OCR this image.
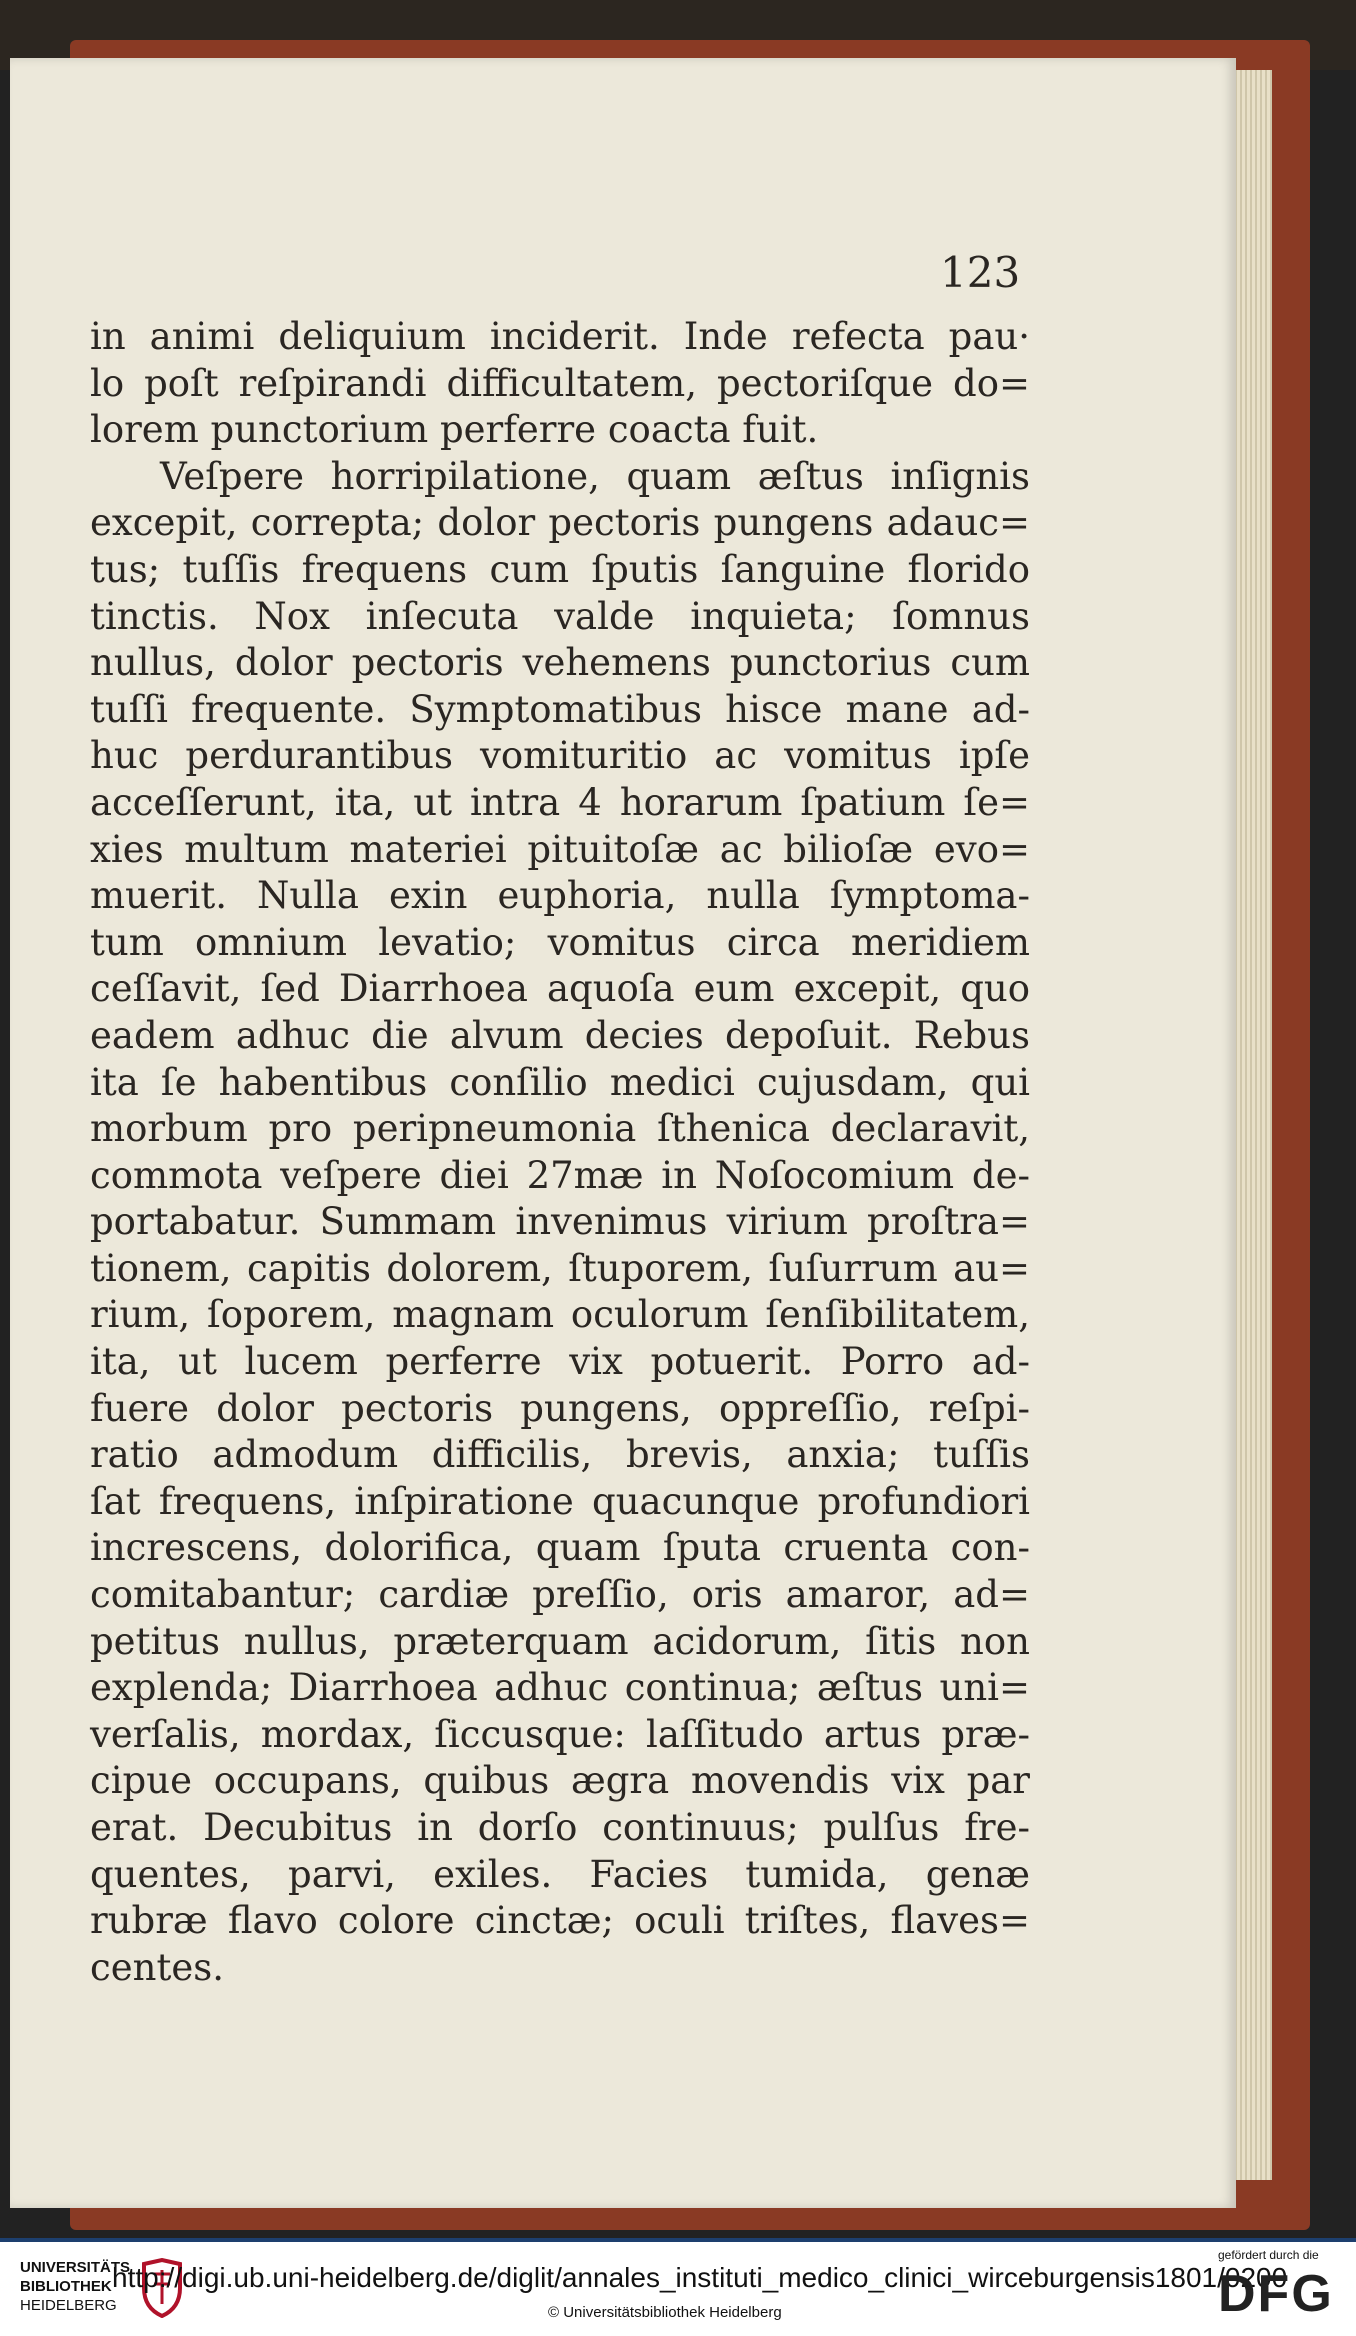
123
in animi deliquium inciderit. Inde refecta pau·
lo poſt reſpirandi difficultatem, pectoriſque do=
lorem punctorium perferre coacta fuit.
Veſpere horripilatione, quam æſtus inſignis
excepit, correpta; dolor pectoris pungens adauc=
tus; tuſſis frequens cum ſputis ſanguine florido
tinctis. Nox inſecuta valde inquieta; ſomnus
nullus, dolor pectoris vehemens punctorius cum
tuſſi frequente. Symptomatibus hisce mane ad-
huc perdurantibus vomituritio ac vomitus ipſe
acceſſerunt, ita, ut intra 4 horarum ſpatium ſe=
xies multum materiei pituitoſæ ac bilioſæ evo=
muerit. Nulla exin euphoria, nulla ſymptoma-
tum omnium levatio; vomitus circa meridiem
ceſſavit, ſed Diarrhoea aquoſa eum excepit, quo
eadem adhuc die alvum decies depoſuit. Rebus
ita ſe habentibus conſilio medici cujusdam, qui
morbum pro peripneumonia ſthenica declaravit,
commota veſpere diei 27mæ in Noſocomium de-
portabatur. Summam invenimus virium proſtra=
tionem, capitis dolorem, ſtuporem, ſuſurrum au=
rium, ſoporem, magnam oculorum ſenſibilitatem,
ita, ut lucem perferre vix potuerit. Porro ad-
fuere dolor pectoris pungens, oppreſſio, reſpi-
ratio admodum difficilis, brevis, anxia; tuſſis
ſat frequens, inſpiratione quacunque profundiori
increscens, dolorifica, quam ſputa cruenta con-
comitabantur; cardiæ preſſio, oris amaror, ad=
petitus nullus, præterquam acidorum, ſitis non
explenda; Diarrhoea adhuc continua; æſtus uni=
verſalis, mordax, ſiccusque: laſſitudo artus præ-
cipue occupans, quibus ægra movendis vix par
erat. Decubitus in dorſo continuus; pulſus fre-
quentes, parvi, exiles. Facies tumida, genæ
rubræ flavo colore cinctæ; oculi triſtes, flaves=
centes.
UNIVERSITÄTS
BIBLIOTHEK
HEIDELBERG
http://digi.ub.uni-heidelberg.de/diglit/annales_instituti_medico_clinici_wirceburgensis1801/0200
© Universitätsbibliothek Heidelberg
gefördert durch die
DFG
